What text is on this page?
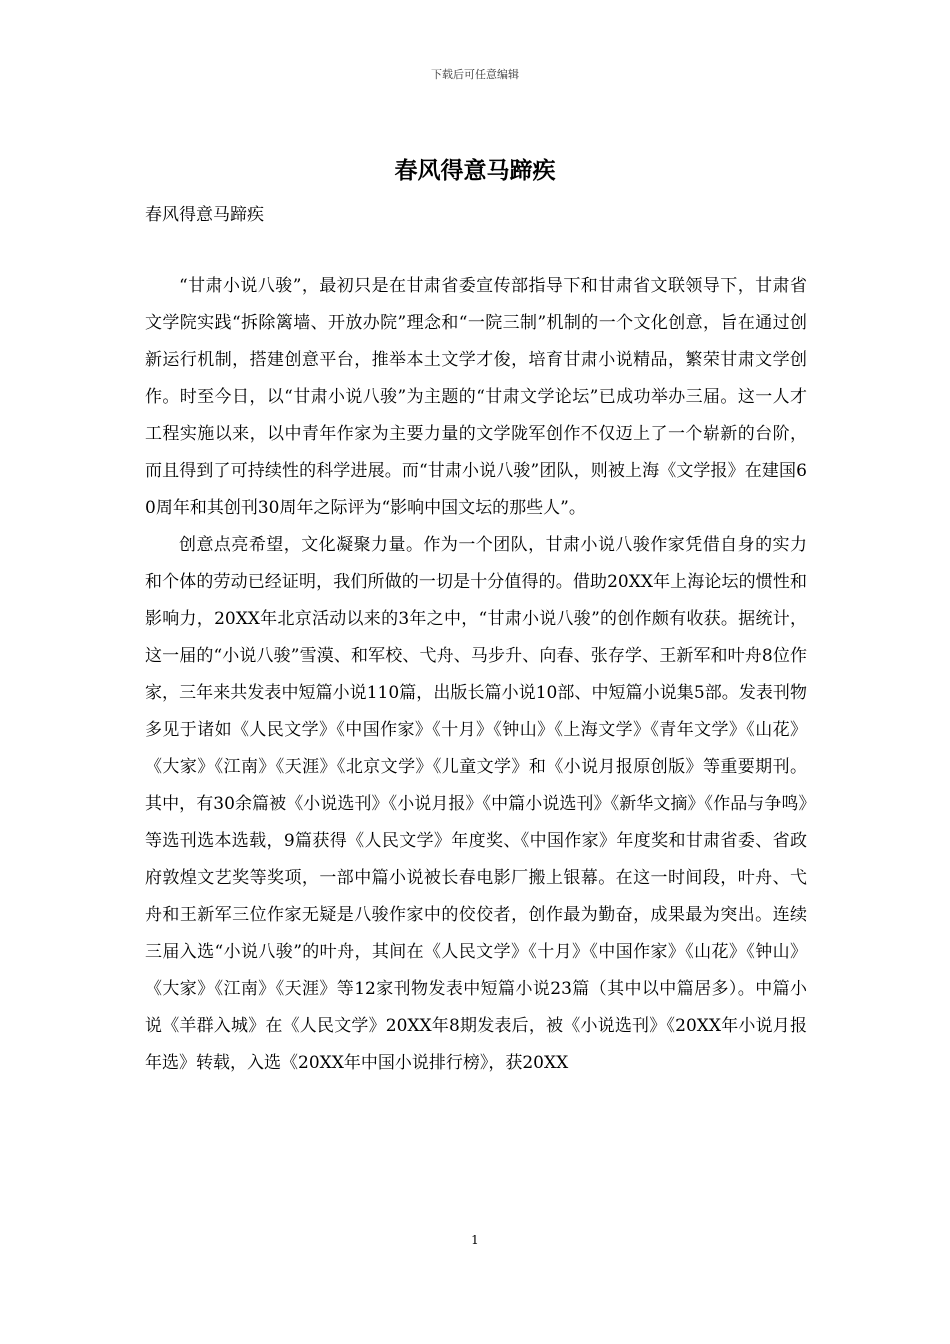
下载后可任意编辑
春风得意马蹄疾
春风得意马蹄疾

“甘肃小说八骏”，最初只是在甘肃省委宣传部指导下和甘肃省文联领导下，甘肃省文学院实践“拆除篱墙、开放办院”理念和“一院三制”机制的一个文化创意，旨在通过创新运行机制，搭建创意平台，推举本土文学才俊，培育甘肃小说精品，繁荣甘肃文学创作。时至今日，以“甘肃小说八骏”为主题的“甘肃文学论坛”已成功举办三届。这一人才工程实施以来，以中青年作家为主要力量的文学陇军创作不仅迈上了一个崭新的台阶，而且得到了可持续性的科学进展。而“甘肃小说八骏”团队，则被上海《文学报》在建国60周年和其创刊30周年之际评为“影响中国文坛的那些人”。

创意点亮希望，文化凝聚力量。作为一个团队，甘肃小说八骏作家凭借自身的实力和个体的劳动已经证明，我们所做的一切是十分值得的。借助20XX年上海论坛的惯性和影响力，20XX年北京活动以来的3年之中，“甘肃小说八骏”的创作颇有收获。据统计，这一届的“小说八骏”雪漠、和军校、弋舟、马步升、向春、张存学、王新军和叶舟8位作家，三年来共发表中短篇小说110篇，出版长篇小说10部、中短篇小说集5部。发表刊物多见于诸如《人民文学》《中国作家》《十月》《钟山》《上海文学》《青年文学》《山花》《大家》《江南》《天涯》《北京文学》《儿童文学》和《小说月报原创版》等重要期刊。其中，有30余篇被《小说选刊》《小说月报》《中篇小说选刊》《新华文摘》《作品与争鸣》等选刊选本选载，9篇获得《人民文学》年度奖、《中国作家》年度奖和甘肃省委、省政府敦煌文艺奖等奖项，一部中篇小说被长春电影厂搬上银幕。在这一时间段，叶舟、弋舟和王新军三位作家无疑是八骏作家中的佼佼者，创作最为勤奋，成果最为突出。连续三届入选“小说八骏”的叶舟，其间在《人民文学》《十月》《中国作家》《山花》《钟山》《大家》《江南》《天涯》等12家刊物发表中短篇小说23篇（其中以中篇居多）。中篇小说《羊群入城》在《人民文学》20XX年8期发表后，被《小说选刊》《20XX年小说月报年选》转载，入选《20XX年中国小说排行榜》，获20XX

1
